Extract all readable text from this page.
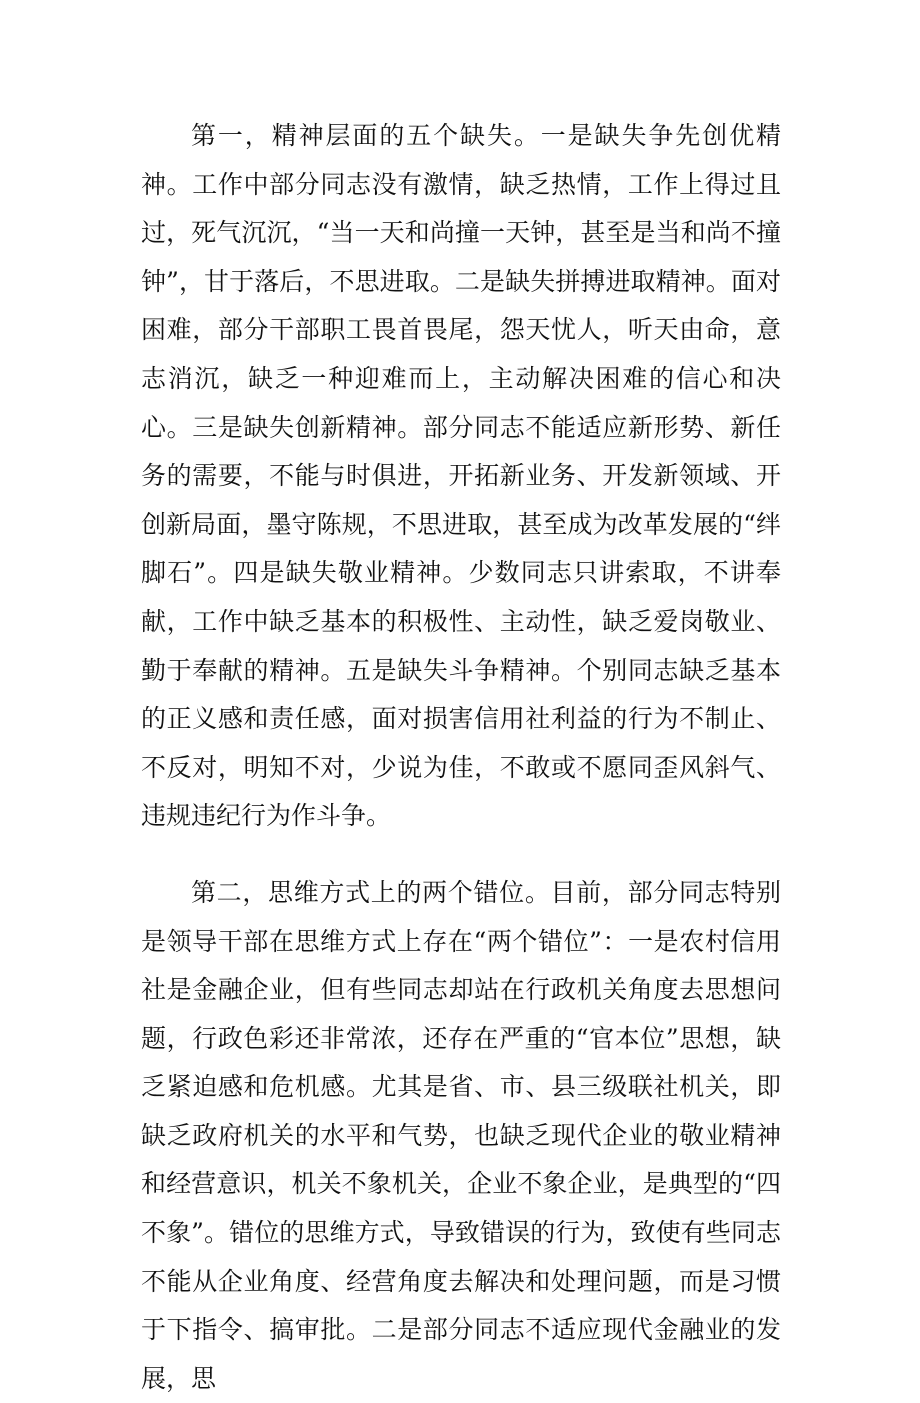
第一，精神层面的五个缺失。一是缺失争先创优精神。工作中部分同志没有激情，缺乏热情，工作上得过且过，死气沉沉，“当一天和尚撞一天钟，甚至是当和尚不撞钟”，甘于落后，不思进取。二是缺失拼搏进取精神。面对困难，部分干部职工畏首畏尾，怨天忧人，听天由命，意志消沉，缺乏一种迎难而上，主动解决困难的信心和决心。三是缺失创新精神。部分同志不能适应新形势、新任务的需要，不能与时俱进，开拓新业务、开发新领域、开创新局面，墨守陈规，不思进取，甚至成为改革发展的“绊脚石”。四是缺失敬业精神。少数同志只讲索取，不讲奉献，工作中缺乏基本的积极性、主动性，缺乏爱岗敬业、勤于奉献的精神。五是缺失斗争精神。个别同志缺乏基本的正义感和责任感，面对损害信用社利益的行为不制止、不反对，明知不对，少说为佳，不敢或不愿同歪风斜气、违规违纪行为作斗争。

第二，思维方式上的两个错位。目前，部分同志特别是领导干部在思维方式上存在“两个错位”：一是农村信用社是金融企业，但有些同志却站在行政机关角度去思想问题，行政色彩还非常浓，还存在严重的“官本位”思想，缺乏紧迫感和危机感。尤其是省、市、县三级联社机关，即缺乏政府机关的水平和气势，也缺乏现代企业的敬业精神和经营意识，机关不象机关，企业不象企业，是典型的“四不象”。错位的思维方式，导致错误的行为，致使有些同志不能从企业角度、经营角度去解决和处理问题，而是习惯于下指令、搞审批。二是部分同志不适应现代金融业的发展，思
